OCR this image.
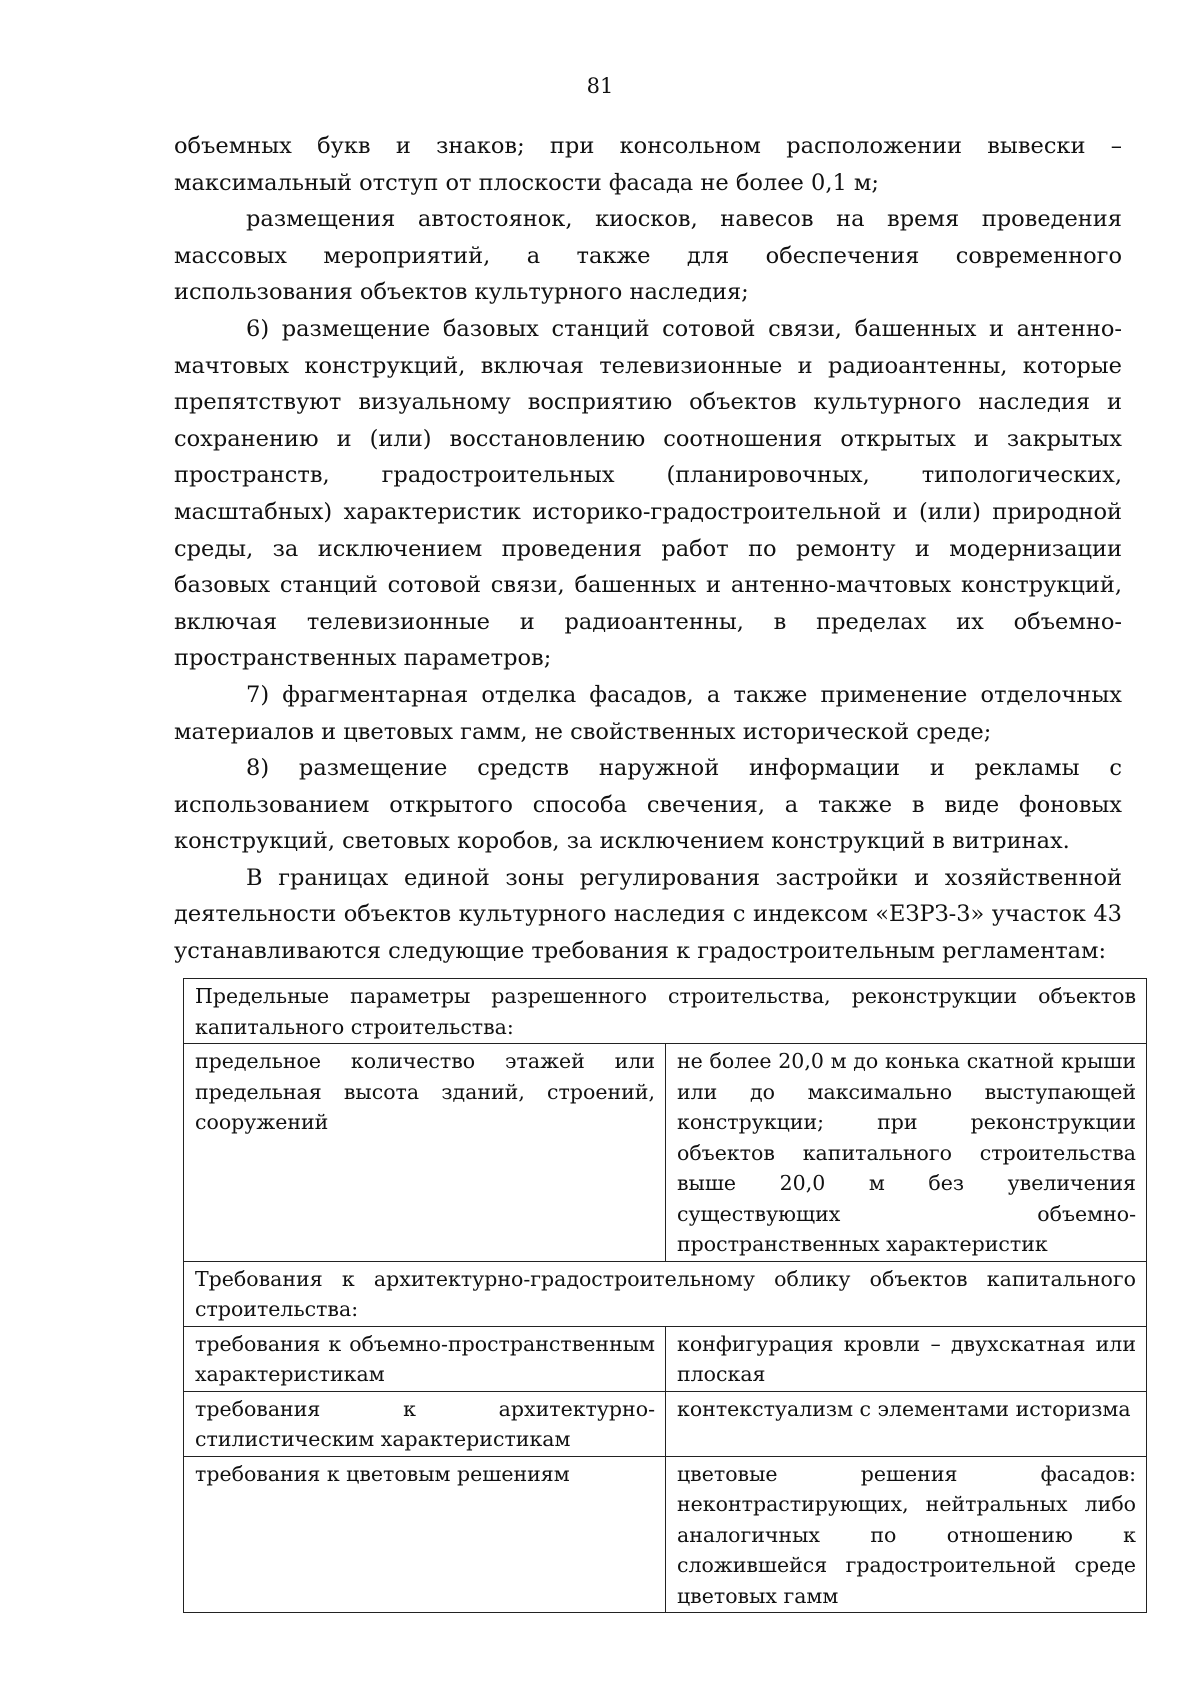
81

объемных букв и знаков; при консольном расположении вывески – максимальный отступ от плоскости фасада не более 0,1 м;

размещения автостоянок, киосков, навесов на время проведения массовых мероприятий, а также для обеспечения современного использования объектов культурного наследия;

6) размещение базовых станций сотовой связи, башенных и антенно-мачтовых конструкций, включая телевизионные и радиоантенны, которые препятствуют визуальному восприятию объектов культурного наследия и сохранению и (или) восстановлению соотношения открытых и закрытых пространств, градостроительных (планировочных, типологических, масштабных) характеристик историко-градостроительной и (или) природной среды, за исключением проведения работ по ремонту и модернизации базовых станций сотовой связи, башенных и антенно-мачтовых конструкций, включая телевизионные и радиоантенны, в пределах их объемно-пространственных параметров;

7) фрагментарная отделка фасадов, а также применение отделочных материалов и цветовых гамм, не свойственных исторической среде;

8) размещение средств наружной информации и рекламы с использованием открытого способа свечения, а также в виде фоновых конструкций, световых коробов, за исключением конструкций в витринах.

В границах единой зоны регулирования застройки и хозяйственной деятельности объектов культурного наследия с индексом «ЕЗРЗ-3» участок 43 устанавливаются следующие требования к градостроительным регламентам:

Предельные параметры разрешенного строительства, реконструкции объектов капитального строительства:	
предельное количество этажей или предельная высота зданий, строений, сооружений	не более 20,0 м до конька скатной крыши или до максимально выступающей конструкции; при реконструкции объектов капитального строительства выше 20,0 м без увеличения существующих объемно-пространственных характеристик
Требования к архитектурно-градостроительному облику объектов капитального строительства:	
требования к объемно-пространственным характеристикам	конфигурация кровли – двухскатная или плоская
требования к архитектурно-стилистическим характеристикам	контекстуализм с элементами историзма
требования к цветовым решениям	цветовые решения фасадов: неконтрастирующих, нейтральных либо аналогичных по отношению к сложившейся градостроительной среде цветовых гамм
